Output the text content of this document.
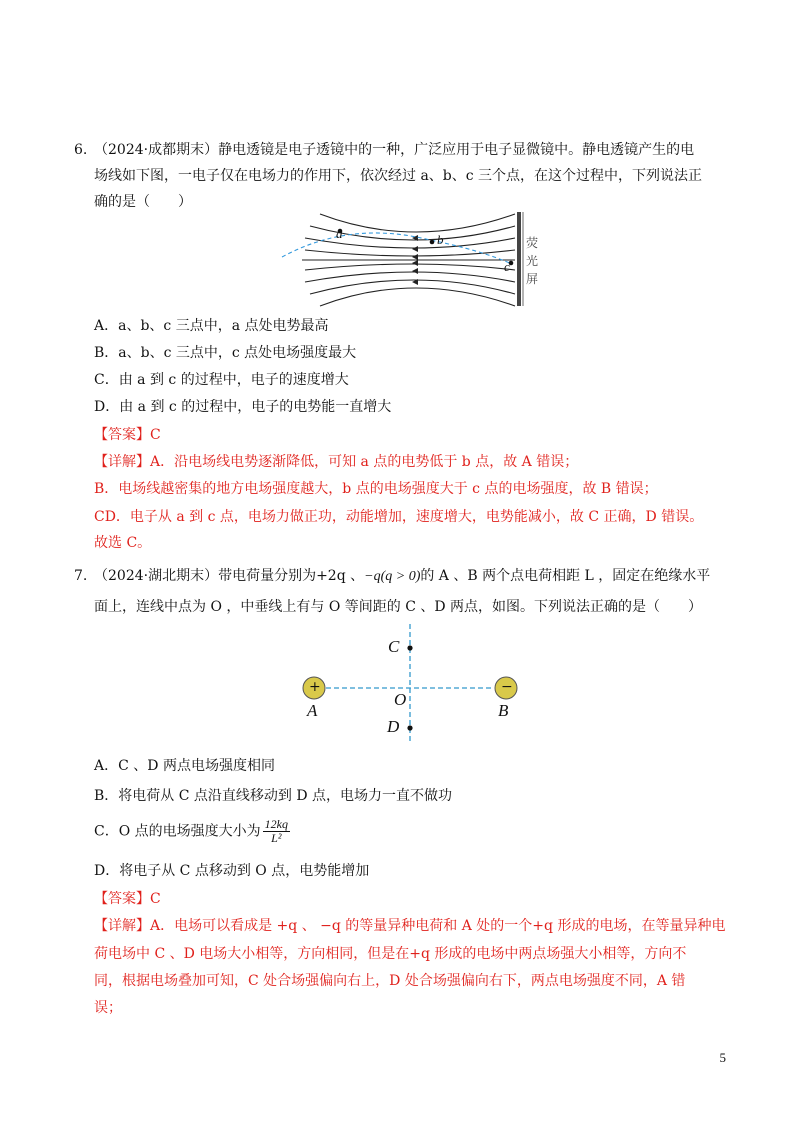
6. （2024·成都期末）静电透镜是电子透镜中的一种，广泛应用于电子显微镜中。静电透镜产生的电
场线如下图，一电子仅在电场力的作用下，依次经过 a、b、c 三个点，在这个过程中，下列说法正
确的是（　　）
a	b
c
荧
光
屏
A．a、b、c 三点中，a 点处电势最高
B．a、b、c 三点中，c 点处电场强度最大
C．由 a 到 c 的过程中，电子的速度增大
D．由 a 到 c 的过程中，电子的电势能一直增大
【答案】C
【详解】A．沿电场线电势逐渐降低，可知 a 点的电势低于 b 点，故 A 错误；
B．电场线越密集的地方电场强度越大，b 点的电场强度大于 c 点的电场强度，故 B 错误；
CD．电子从 a 到 c 点，电场力做正功，动能增加，速度增大，电势能减小，故 C 正确，D 错误。
故选 C。
7. （2024·湖北期末）带电荷量分别为+2q 、−q(q > 0)的 A 、B 两个点电荷相距 L ，固定在绝缘水平
面上，连线中点为 O ，中垂线上有与 O 等间距的 C 、D 两点，如图。下列说法正确的是（　　）
+	−
C
O
D
A	B
A．C 、D 两点电场强度相同
B．将电荷从 C 点沿直线移动到 D 点，电场力一直不做功
C．O 点的电场强度大小为 $\frac{12kq}{\text{L²}}$
D．将电子从 C 点移动到 O 点，电势能增加
【答案】C
【详解】A．电场可以看成是 +q 、 −q 的等量异种电荷和 A 处的一个+q 形成的电场，在等量异种电
荷电场中 C 、D 电场大小相等，方向相同，但是在+q 形成的电场中两点场强大小相等，方向不
同，根据电场叠加可知，C 处合场强偏向右上，D 处合场强偏向右下，两点电场强度不同，A 错
误；
5
